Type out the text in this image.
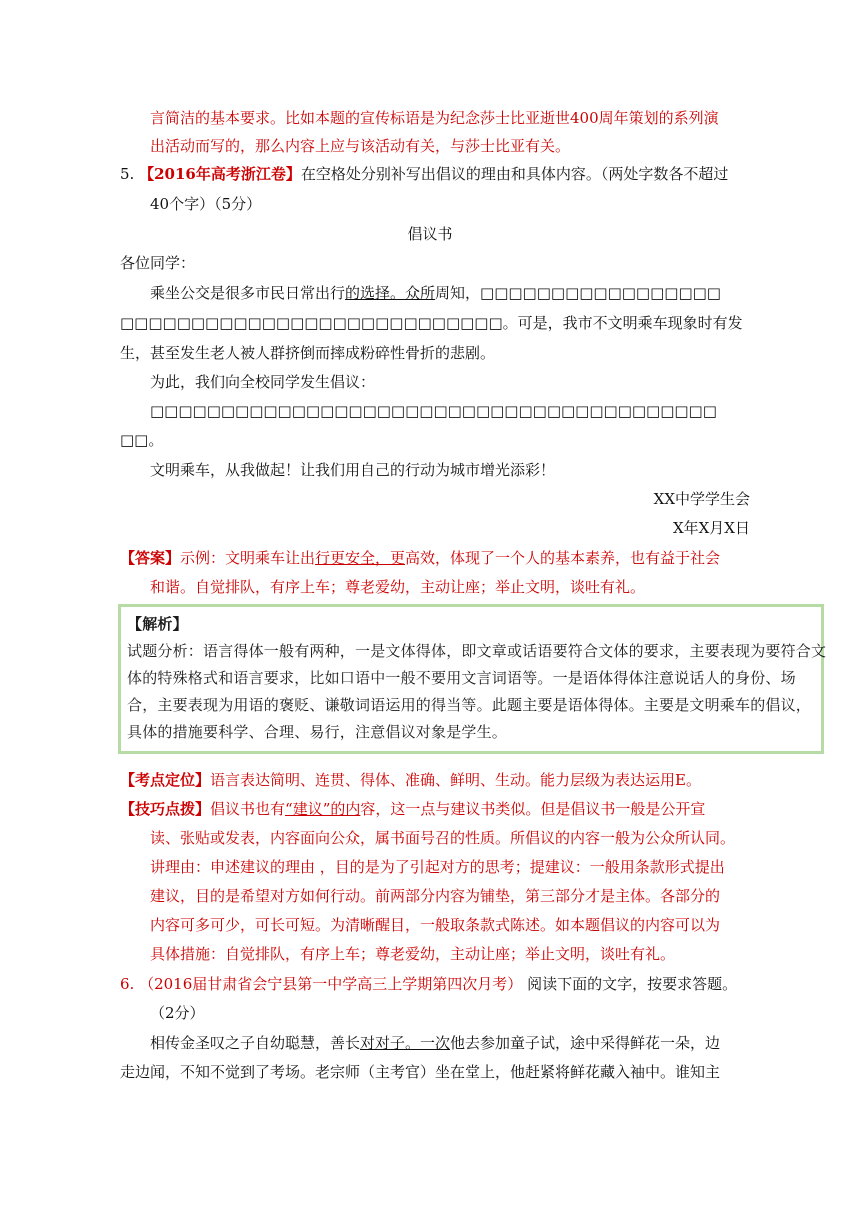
言简洁的基本要求。比如本题的宣传标语是为纪念莎士比亚逝世400周年策划的系列演
出活动而写的，那么内容上应与该活动有关，与莎士比亚有关。
5. 【2016年高考浙江卷】在空格处分别补写出倡议的理由和具体内容。（两处字数各不超过
40个字）（5分）
倡议书
各位同学：
乘坐公交是很多市民日常出行的选择。众所周知，□□□□□□□□□□□□□□□□□
□□□□□□□□□□□□□□□□□□□□□□□□□□□。可是，我市不文明乘车现象时有发
生，甚至发生老人被人群挤倒而摔成粉碎性骨折的悲剧。
为此，我们向全校同学发生倡议：
□□□□□□□□□□□□□□□□□□□□□□□□□□□□□□□□□□□□□□□□
□□。
文明乘车，从我做起！让我们用自己的行动为城市增光添彩！
XX中学学生会
X年X月X日
【答案】示例：文明乘车让出行更安全，更高效，体现了一个人的基本素养，也有益于社会
和谐。自觉排队，有序上车；尊老爱幼，主动让座；举止文明，谈吐有礼。
【解析】
试题分析：语言得体一般有两种，一是文体得体，即文章或话语要符合文体的要求，主要表现为要符合文
体的特殊格式和语言要求，比如口语中一般不要用文言词语等。一是语体得体注意说话人的身份、场
合，主要表现为用语的褒贬、谦敬词语运用的得当等。此题主要是语体得体。主要是文明乘车的倡议，
具体的措施要科学、合理、易行，注意倡议对象是学生。
【考点定位】语言表达简明、连贯、得体、准确、鲜明、生动。能力层级为表达运用E。
【技巧点拨】倡议书也有“建议”的内容，这一点与建议书类似。但是倡议书一般是公开宣
读、张贴或发表，内容面向公众，属书面号召的性质。所倡议的内容一般为公众所认同。
讲理由：申述建议的理由 ，目的是为了引起对方的思考；提建议：一般用条款形式提出
建议，目的是希望对方如何行动。前两部分内容为铺垫，第三部分才是主体。各部分的
内容可多可少，可长可短。为清晰醒目，一般取条款式陈述。如本题倡议的内容可以为
具体措施：自觉排队，有序上车；尊老爱幼，主动让座；举止文明，谈吐有礼。
6. （2016届甘肃省会宁县第一中学高三上学期第四次月考） 阅读下面的文字，按要求答题。
（2分）
相传金圣叹之子自幼聪慧，善长对对子。一次他去参加童子试，途中采得鲜花一朵，边
走边闻，不知不觉到了考场。老宗师（主考官）坐在堂上，他赶紧将鲜花藏入袖中。谁知主
